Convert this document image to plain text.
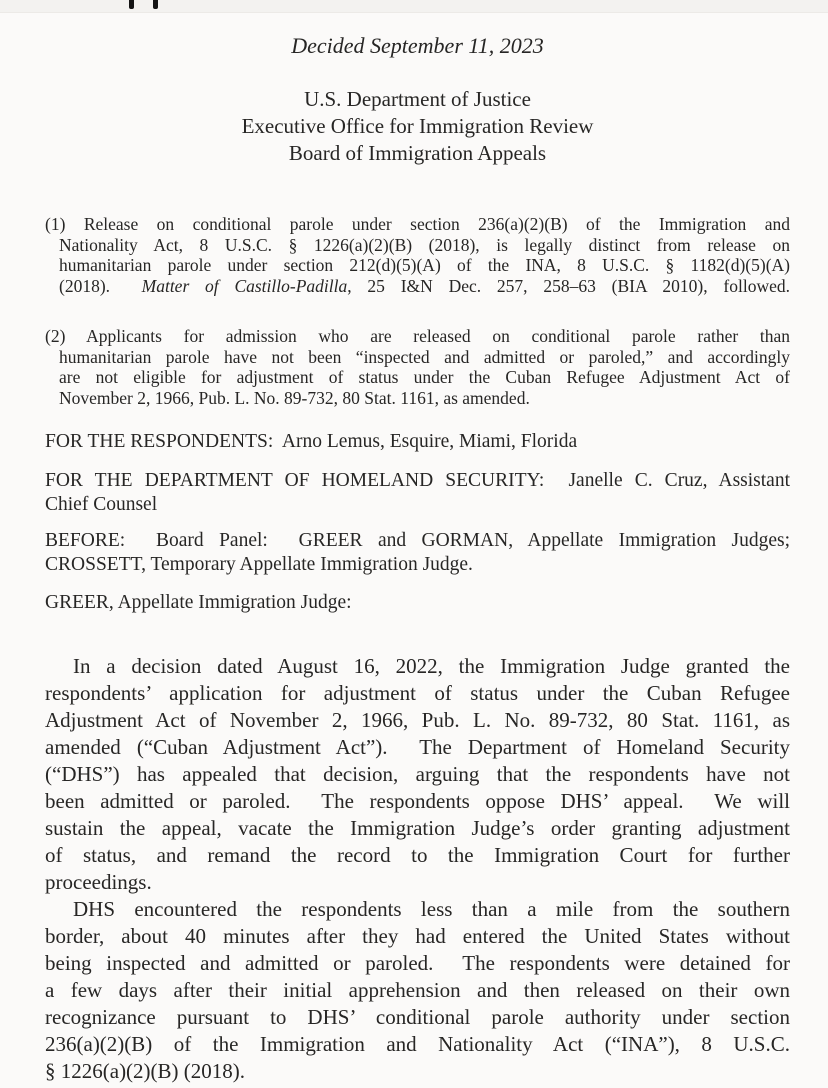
Decided September 11, 2023
U.S. Department of Justice
Executive Office for Immigration Review
Board of Immigration Appeals
(1) Release on conditional parole under section 236(a)(2)(B) of the Immigration and
Nationality Act, 8 U.S.C. § 1226(a)(2)(B) (2018), is legally distinct from release on
humanitarian parole under section 212(d)(5)(A) of the INA, 8 U.S.C. § 1182(d)(5)(A)
(2018).  Matter of Castillo-Padilla, 25 I&N Dec. 257, 258–63 (BIA 2010), followed.
(2) Applicants for admission who are released on conditional parole rather than
humanitarian parole have not been “inspected and admitted or paroled,” and accordingly
are not eligible for adjustment of status under the Cuban Refugee Adjustment Act of
November 2, 1966, Pub. L. No. 89-732, 80 Stat. 1161, as amended.
FOR THE RESPONDENTS:  Arno Lemus, Esquire, Miami, Florida
FOR THE DEPARTMENT OF HOMELAND SECURITY:  Janelle C. Cruz, Assistant
Chief Counsel
BEFORE:  Board Panel:  GREER and GORMAN, Appellate Immigration Judges;
CROSSETT, Temporary Appellate Immigration Judge.
GREER, Appellate Immigration Judge:
In a decision dated August 16, 2022, the Immigration Judge granted the
respondents’ application for adjustment of status under the Cuban Refugee
Adjustment Act of November 2, 1966, Pub. L. No. 89-732, 80 Stat. 1161, as
amended (“Cuban Adjustment Act”).  The Department of Homeland Security
(“DHS”) has appealed that decision, arguing that the respondents have not
been admitted or paroled.  The respondents oppose DHS’ appeal.  We will
sustain the appeal, vacate the Immigration Judge’s order granting adjustment
of status, and remand the record to the Immigration Court for further
proceedings.
DHS encountered the respondents less than a mile from the southern
border, about 40 minutes after they had entered the United States without
being inspected and admitted or paroled.  The respondents were detained for
a few days after their initial apprehension and then released on their own
recognizance pursuant to DHS’ conditional parole authority under section
236(a)(2)(B) of the Immigration and Nationality Act (“INA”), 8 U.S.C.
§ 1226(a)(2)(B) (2018).
